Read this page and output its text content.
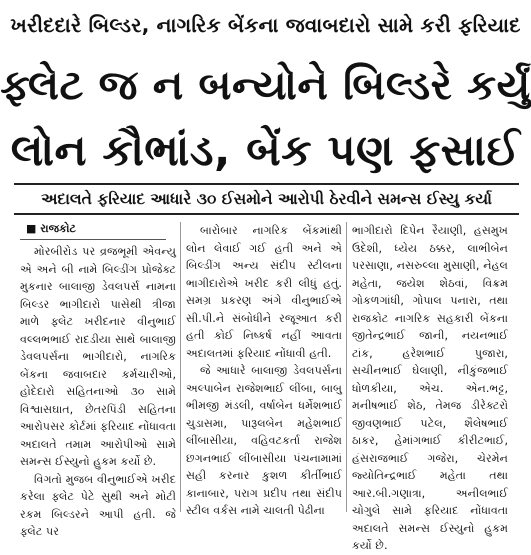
ખરીદદારે બિલ્ડર, નાગરિક બેંકના જવાબદારો સામે કરી ફરિયાદ
ફ્લેટ જ ન બન્યોને બિલ્ડરે કર્યું
લોન કૌભાંડ, બેંક પણ ફસાઈ
અદાલતે ફરિયાદ આધારે ૩૦ ઈસમોને આરોપી ઠેરવીને સમન્સ ઈસ્યુ કર્યા
■ રાજકોટ

મોરબીરોડ પર વ્રજભૂમી એવન્યુ એ અને બી નામે બિલ્ડીંગ પ્રોજેક્ટ મુકનાર બાલાજી ડેવલપર્સ નામના બિલ્ડર ભાગીદારો પાસેથી ત્રીજા માળે ફ્લેટ ખરીદનાર વીનુભાઈ વલ્લભભાઈ રાદડીયા સાથે બાલાજી ડેવલપર્સના ભાગીદારો, નાગરિક બેંકના જવાબદાર કર્મચારીઓ, હોદેદારો સહિતનાઓ ૩૦ સામે વિશ્વાસઘાત, છેતરપિંડી સહિતના આરોપસર કોર્ટમાં ફરિયાદ નોંધાવતા અદાલતે તમામ આરોપીઓ સામે સમન્સ ઈસ્યુનો હુકમ કર્યો છે.

વિગતો મુજબ વીનુભાઈએ ખરીદ કરેલા ફ્લેટ પેટે સુથી અને મોટી રકમ બિલ્ડરને આપી હતી. જે ફ્લેટ પર

બારોબાર નાગરિક બેંકમાંથી લોન લેવાઈ ગઈ હતી અને એ બિલ્ડીંગ અન્ય સંદીપ સ્ટીલના ભાગીદારોએ ખરીદ કરી લીધું હતું. સમગ્ર પ્રકરણ અંગે વીનુભાઈએ સી.પી.ને સંબોધીને રજૂઆત કરી હતી કોઈ નિષ્કર્ષ નહીં આવતા અદાલતમાં ફરિયાદ નોંધાવી હતી.

જે આધારે બાલાજી ડેવલપર્સના અલ્પાબેન રાજેશભાઈ લીંબા, બાબુ ભીમજી મંડલી, વર્ષાબેન ધર્મેશભાઈ ચુડાસમા, પારૂલબેન મહેશભાઈ લીંબાસીયા, વહિવટકર્તા રાજેશ છગનભાઈ લીંબાસીયા પંચનામામાં સહી કરનાર કુશળ કીર્તીભાઈ કાનાબાર, પરાગ પ્રદીપ તથા સંદીપ સ્ટીલ વર્કસ નામે ચાલતી પેઢીના

ભાગીદારો દિપેન રૈયાણી, હસમુખ ઉદેશી, ધ્યેય ઠક્કર, લાભીબેન પરસાણા, નસરુલ્લા મુસાણી, નેહલ મહેતા, જયેશ શેઠવાં, વિક્રમ ગોકળગાંધી, ગોપાલ પનારા, તથા રાજકોટ નાગરિક સહકારી બેંકના જીતેન્દ્રભાઈ જાની, નયનભાઈ ટાંક, હરેશભાઈ પુજારા, સચીનભાઈ ઘેલાણી, નીકુંજભાઈ ધોળકીયા, એચ. એન.ભટ્ટ, મનીષભાઈ શેઠ, તેમજ ડીરેક્ટરો જીવણભાઈ પટેલ, શૈલેષભાઈ ઠાકર, હેમાંગભાઈ કીરીટભાઈ, હંસરાજભાઈ ગજેરા, ચેરમેન જ્યોતિન્દ્રભાઈ મહેતા તથા આર.બી.ગણાત્રા, અનીલભાઈ ચોગુલે સામે ફરિયાદ નોંધાવતા અદાલતે સમન્સ ઈસ્યુનો હુકમ કર્યો છે.
